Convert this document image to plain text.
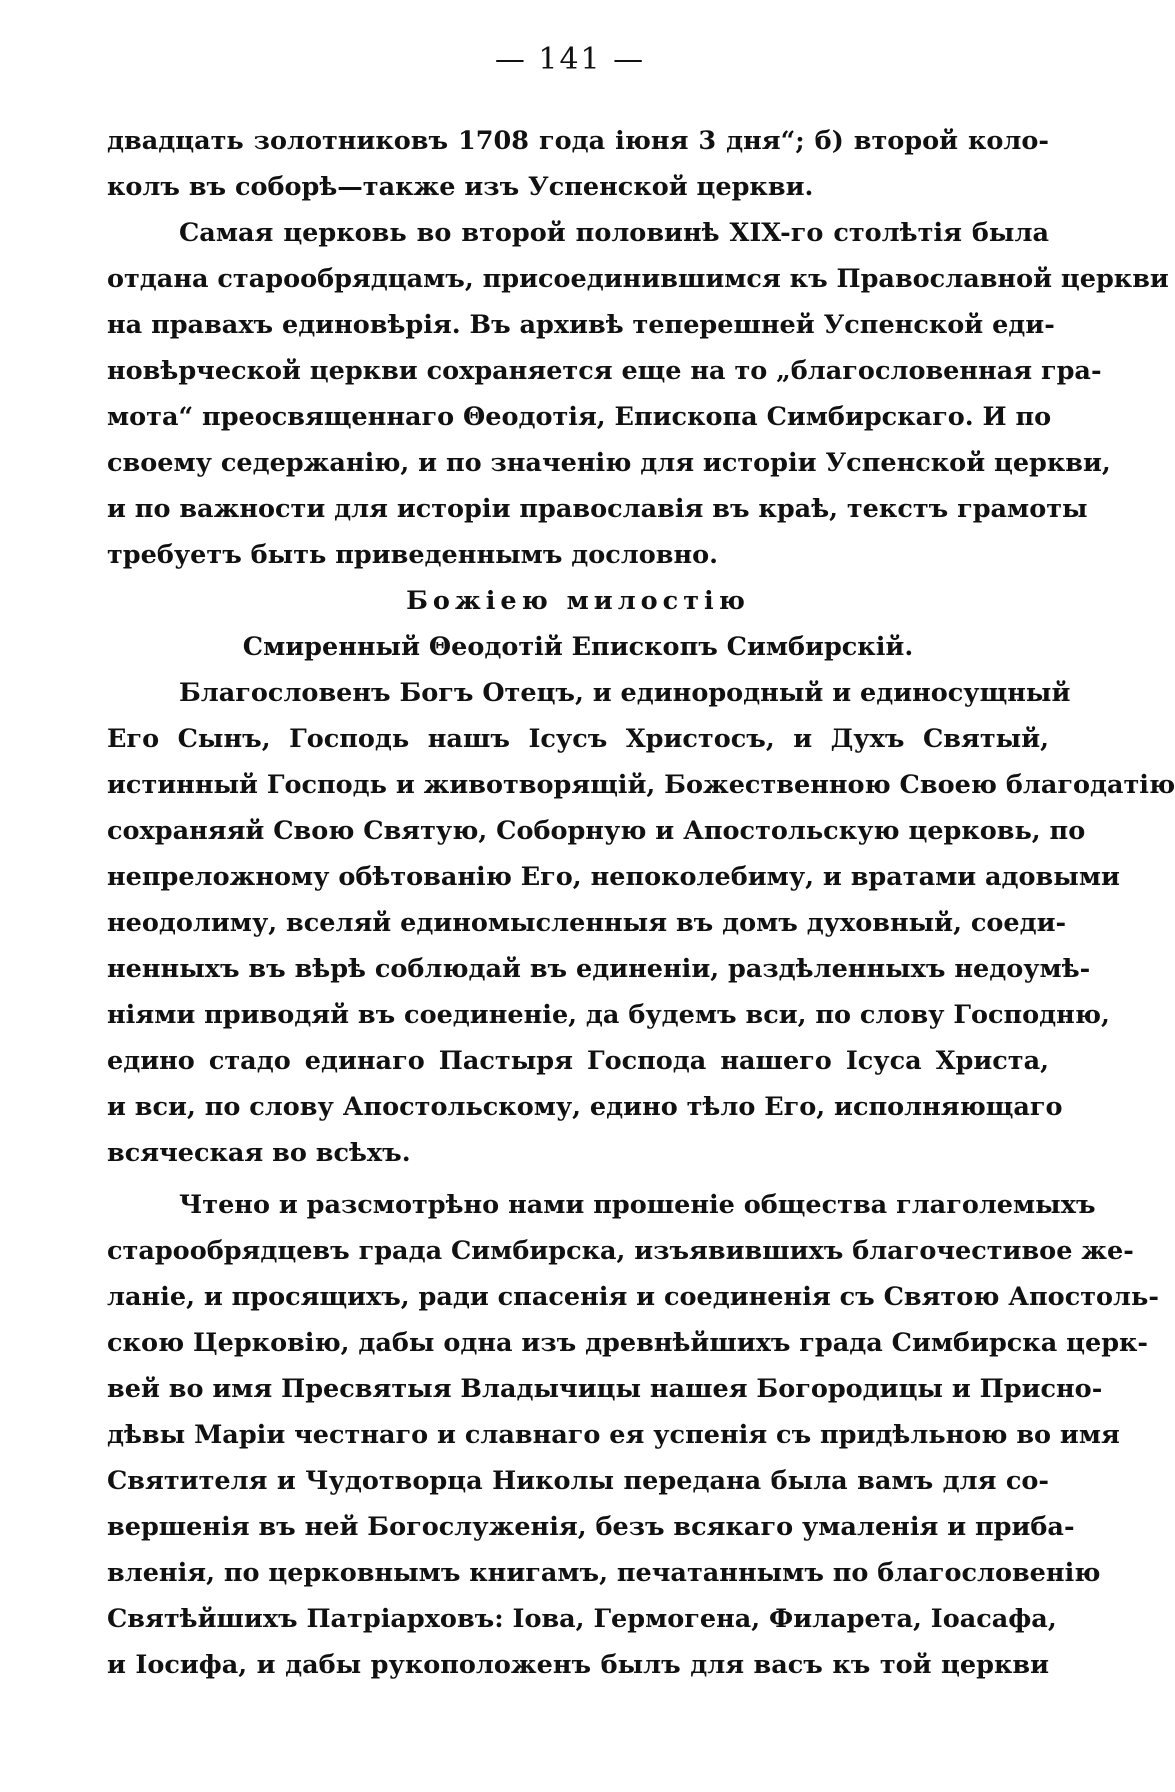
— 141 —
двадцать золотниковъ 1708 года iюня 3 дня“; б) второй коло-
колъ въ соборѣ—также изъ Успенской церкви.
Самая церковь во второй половинѣ XIX-го столѣтія была
отдана старообрядцамъ, присоединившимся къ Православной церкви
на правахъ единовѣрія. Въ архивѣ теперешней Успенской еди-
новѣрческой церкви сохраняется еще на то „благословенная гра-
мота“ преосвященнаго Θеодотія, Епископа Симбирскаго. И по
своему седержанію, и по значенію для исторіи Успенской церкви,
и по важности для исторіи православія въ краѣ, текстъ грамоты
требуетъ быть приведеннымъ дословно.
Божiею милостiю
Смиренный Θеодотій Епископъ Симбирскій.
Благословенъ Богъ Отецъ, и единородный и единосущный
Его Сынъ, Господь нашъ Iсусъ Христосъ, и Духъ Святый,
истинный Господь и животворящій, Божественною Своею благодатію
сохраняяй Свою Святую, Соборную и Апостольскую церковь, по
непреложному обѣтованію Его, непоколебиму, и вратами адовыми
неодолиму, вселяй единомысленныя въ домъ духовный, соеди-
ненныхъ въ вѣрѣ соблюдай въ единеніи, раздѣленныхъ недоумѣ-
ніями приводяй въ соединеніе, да будемъ вси, по слову Господню,
едино стадо единаго Пастыря Господа нашего Iсуса Христа,
и вси, по слову Апостольскому, едино тѣло Его, исполняющаго
всяческая во всѣхъ.
Чтено и разсмотрѣно нами прошеніе общества глаголемыхъ
старообрядцевъ града Симбирска, изъявившихъ благочестивое же-
ланіе, и просящихъ, ради спасенія и соединенія съ Святою Апостоль-
скою Церковію, дабы одна изъ древнѣйшихъ града Симбирска церк-
вей во имя Пресвятыя Владычицы нашея Богородицы и Присно-
дѣвы Маріи честнаго и славнаго ея успенія съ придѣльною во имя
Святителя и Чудотворца Николы передана была вамъ для со-
вершенія въ ней Богослуженія, безъ всякаго умаленія и приба-
вленія, по церковнымъ книгамъ, печатаннымъ по благословенію
Святѣйшихъ Патріарховъ: Iова, Гермогена, Филарета, Iоасафа,
и Iосифа, и дабы рукоположенъ былъ для васъ къ той церкви
